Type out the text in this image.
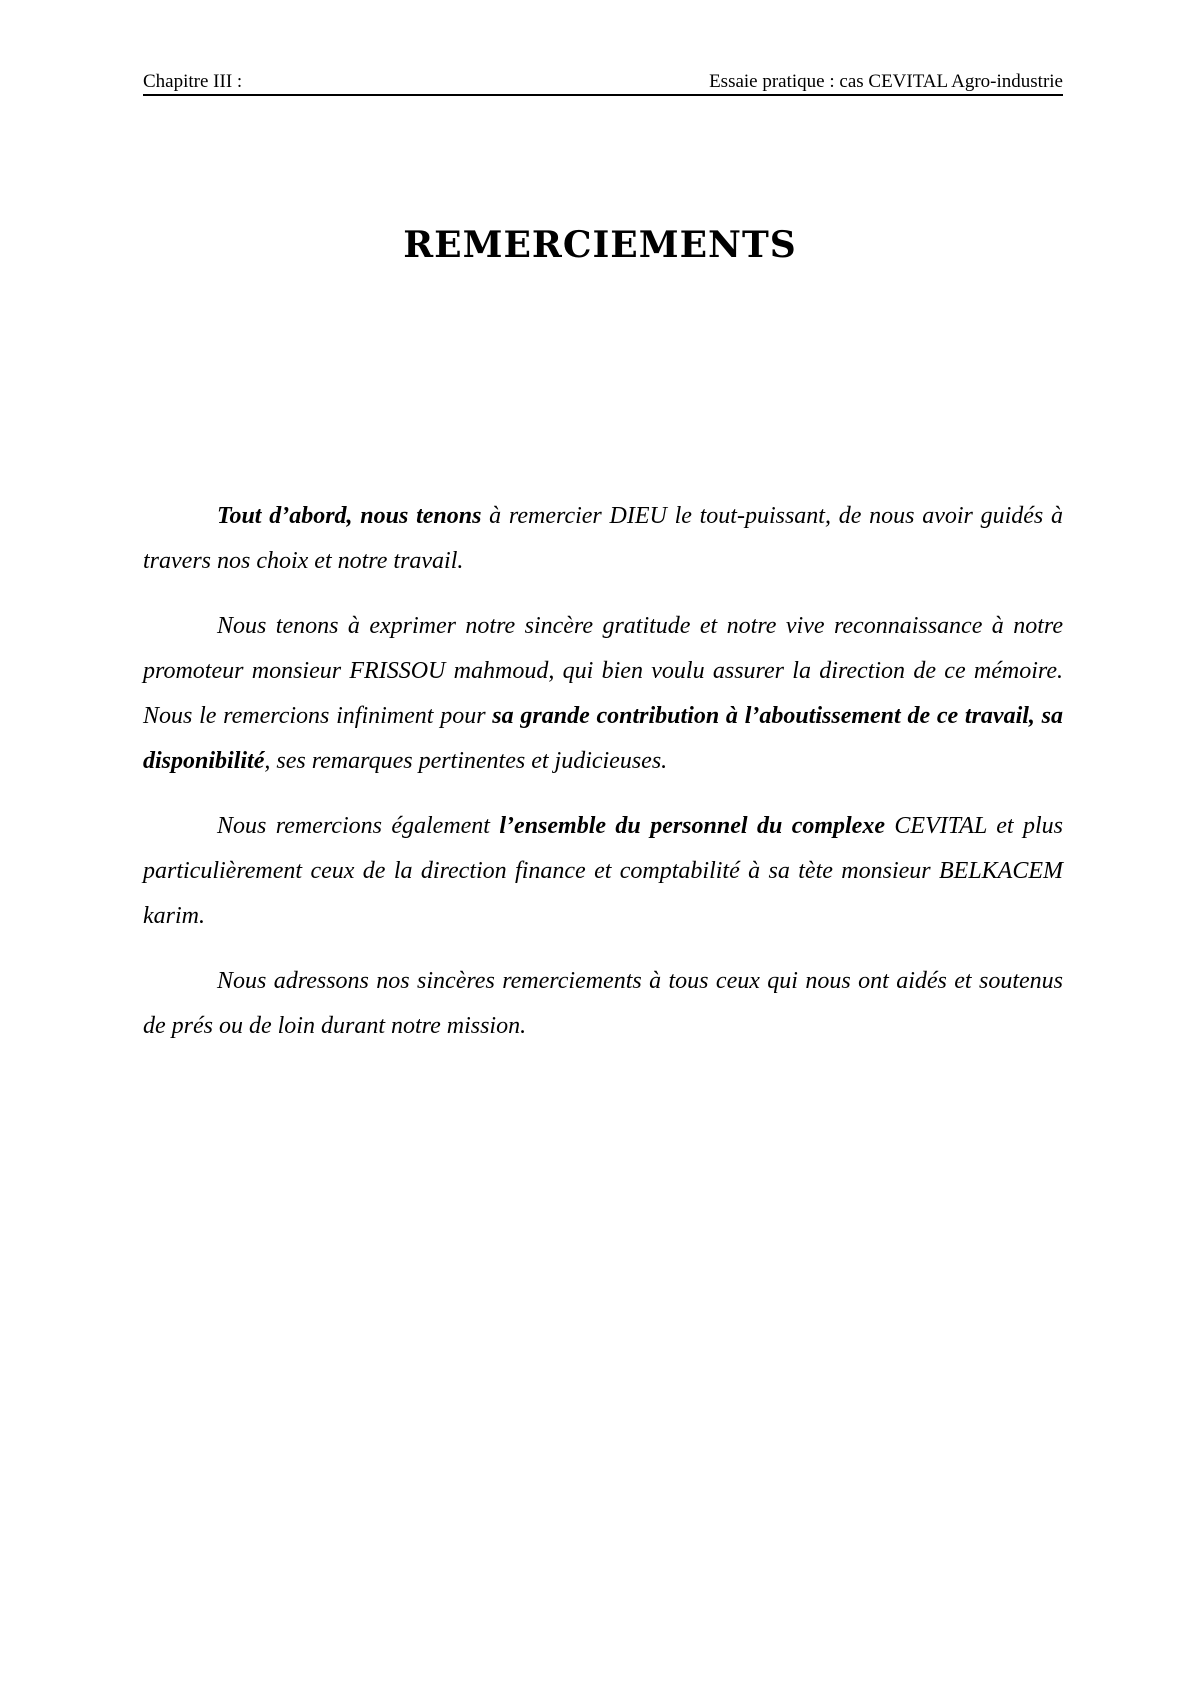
Chapitre III :	Essaie pratique : cas CEVITAL Agro-industrie
REMERCIEMENTS

Tout d’abord, nous tenons à remercier DIEU le tout-puissant, de nous avoir guidés à travers nos choix et notre travail.

Nous tenons à exprimer notre sincère gratitude et notre vive reconnaissance à notre promoteur monsieur FRISSOU mahmoud, qui bien voulu assurer la direction de ce mémoire. Nous le remercions infiniment pour sa grande contribution à l’aboutissement de ce travail, sa disponibilité, ses remarques pertinentes et judicieuses.

Nous remercions également l’ensemble du personnel du complexe CEVITAL et plus particulièrement ceux de la direction finance et comptabilité à sa tète monsieur BELKACEM karim.

Nous adressons nos sincères remerciements à tous ceux qui nous ont aidés et soutenus de prés ou de loin durant notre mission.
